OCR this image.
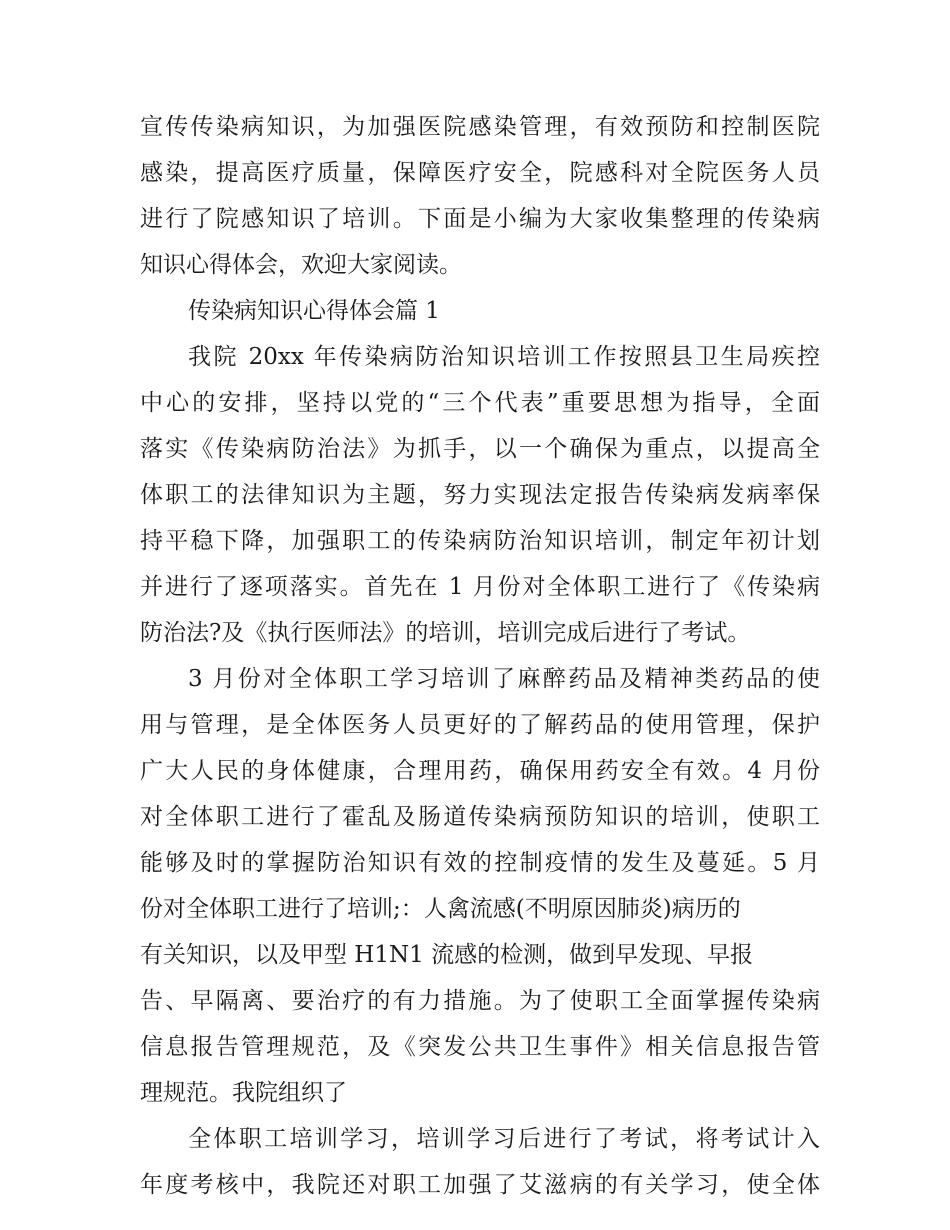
宣传传染病知识，为加强医院感染管理，有效预防和控制医院
感染，提高医疗质量，保障医疗安全，院感科对全院医务人员
进行了院感知识了培训。下面是小编为大家收集整理的传染病
知识心得体会，欢迎大家阅读。
传染病知识心得体会篇 1
我院 20xx 年传染病防治知识培训工作按照县卫生局疾控
中心的安排，坚持以党的“三个代表”重要思想为指导，全面
落实《传染病防治法》为抓手，以一个确保为重点，以提高全
体职工的法律知识为主题，努力实现法定报告传染病发病率保
持平稳下降，加强职工的传染病防治知识培训，制定年初计划
并进行了逐项落实。首先在 1 月份对全体职工进行了《传染病
防治法?及《执行医师法》的培训，培训完成后进行了考试。
3 月份对全体职工学习培训了麻醉药品及精神类药品的使
用与管理，是全体医务人员更好的了解药品的使用管理，保护
广大人民的身体健康，合理用药，确保用药安全有效。4 月份
对全体职工进行了霍乱及肠道传染病预防知识的培训，使职工
能够及时的掌握防治知识有效的控制疫情的发生及蔓延。5 月
份对全体职工进行了培训;：人禽流感(不明原因肺炎)病历的
有关知识，以及甲型 H1N1 流感的检测，做到早发现、早报
告、早隔离、要治疗的有力措施。为了使职工全面掌握传染病
信息报告管理规范，及《突发公共卫生事件》相关信息报告管
理规范。我院组织了
全体职工培训学习，培训学习后进行了考试，将考试计入
年度考核中，我院还对职工加强了艾滋病的有关学习，使全体
